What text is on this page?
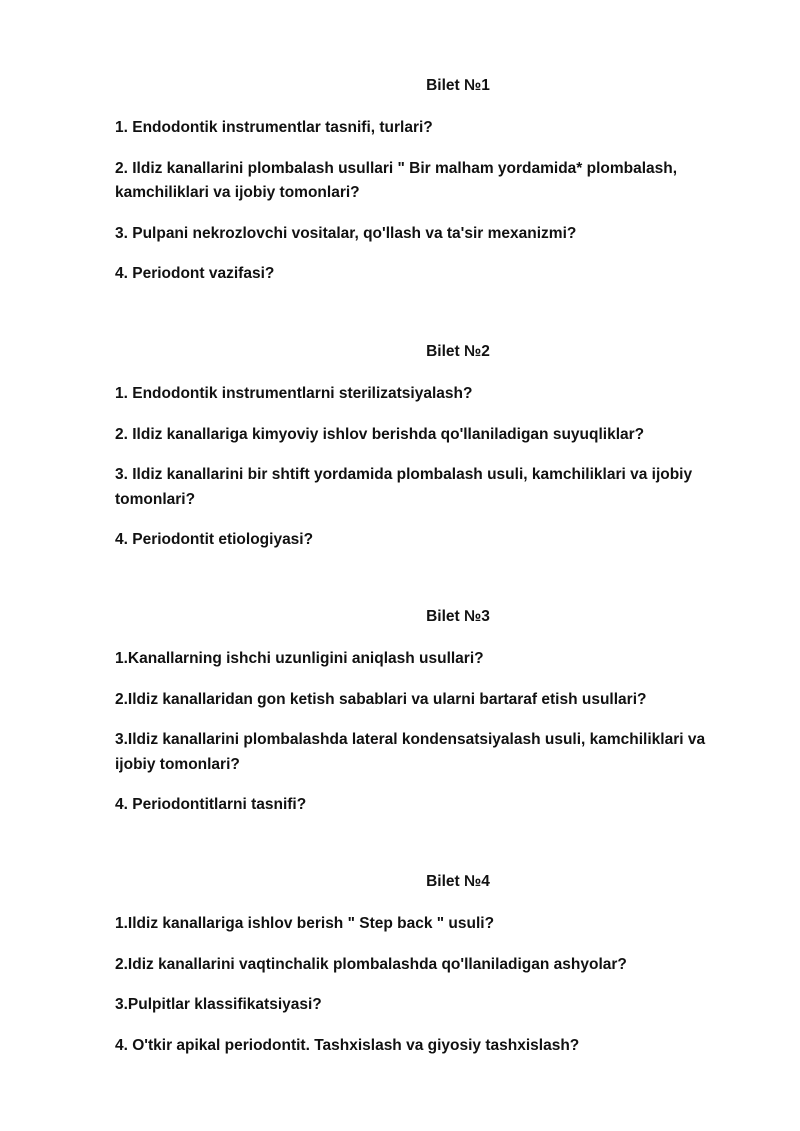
Bilet №1
1. Endodontik instrumentlar tasnifi, turlari?
2. Ildiz kanallarini plombalash usullari " Bir malham yordamida* plombalash, kamchiliklari va ijobiy tomonlari?
3. Pulpani nekrozlovchi vositalar, qo'llash va ta'sir mexanizmi?
4. Periodont vazifasi?
Bilet №2
1. Endodontik instrumentlarni sterilizatsiyalash?
2. Ildiz kanallariga kimyoviy ishlov berishda qo'llaniladigan suyuqliklar?
3. Ildiz kanallarini bir shtift yordamida plombalash usuli, kamchiliklari va ijobiy tomonlari?
4. Periodontit etiologiyasi?
Bilet №3
1.Kanallarning ishchi uzunligini aniqlash usullari?
2.Ildiz kanallaridan gon ketish sabablari va ularni bartaraf etish usullari?
3.Ildiz kanallarini plombalashda lateral kondensatsiyalash usuli, kamchiliklari va ijobiy tomonlari?
4. Periodontitlarni tasnifi?
Bilet №4
1.Ildiz kanallariga ishlov berish " Step back " usuli?
2.Idiz kanallarini vaqtinchalik plombalashda qo'llaniladigan ashyolar?
3.Pulpitlar klassifikatsiyasi?
4. O'tkir apikal periodontit. Tashxislash va giyosiy tashxislash?
